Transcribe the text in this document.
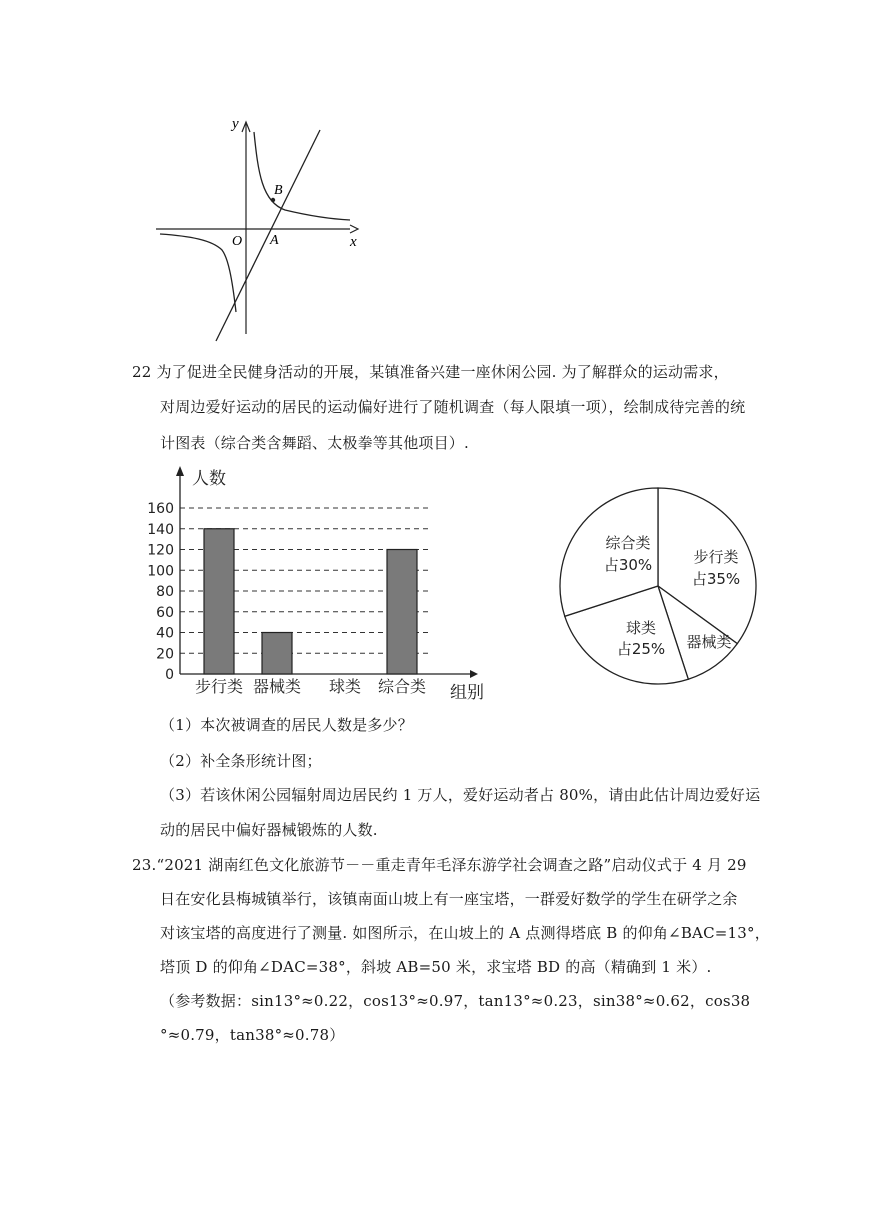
y
x
O A
B
22 为了促进全民健身活动的开展，某镇准备兴建一座休闲公园. 为了解群众的运动需求，
对周边爱好运动的居民的运动偏好进行了随机调查（每人限填一项），绘制成待完善的统
计图表（综合类含舞蹈、太极拳等其他项目）.
0
20
40
60
80
100
120
140
160
人数
组别
步行类 器械类 球类 综合类
步行类
占35%
器械类
球类
占25%
综合类
占30%
（1）本次被调查的居民人数是多少？
（2）补全条形统计图；
（3）若该休闲公园辐射周边居民约 1 万人，爱好运动者占 80%，请由此估计周边爱好运
动的居民中偏好器械锻炼的人数.
23.“2021 湖南红色文化旅游节－－重走青年毛泽东游学社会调查之路”启动仪式于 4 月 29
日在安化县梅城镇举行，该镇南面山坡上有一座宝塔，一群爱好数学的学生在研学之余
对该宝塔的高度进行了测量. 如图所示，在山坡上的 A 点测得塔底 B 的仰角∠BAC=13°，
塔顶 D 的仰角∠DAC=38°，斜坡 AB=50 米，求宝塔 BD 的高（精确到 1 米）.
（参考数据：sin13°≈0.22，cos13°≈0.97，tan13°≈0.23，sin38°≈0.62，cos38
°≈0.79，tan38°≈0.78）
